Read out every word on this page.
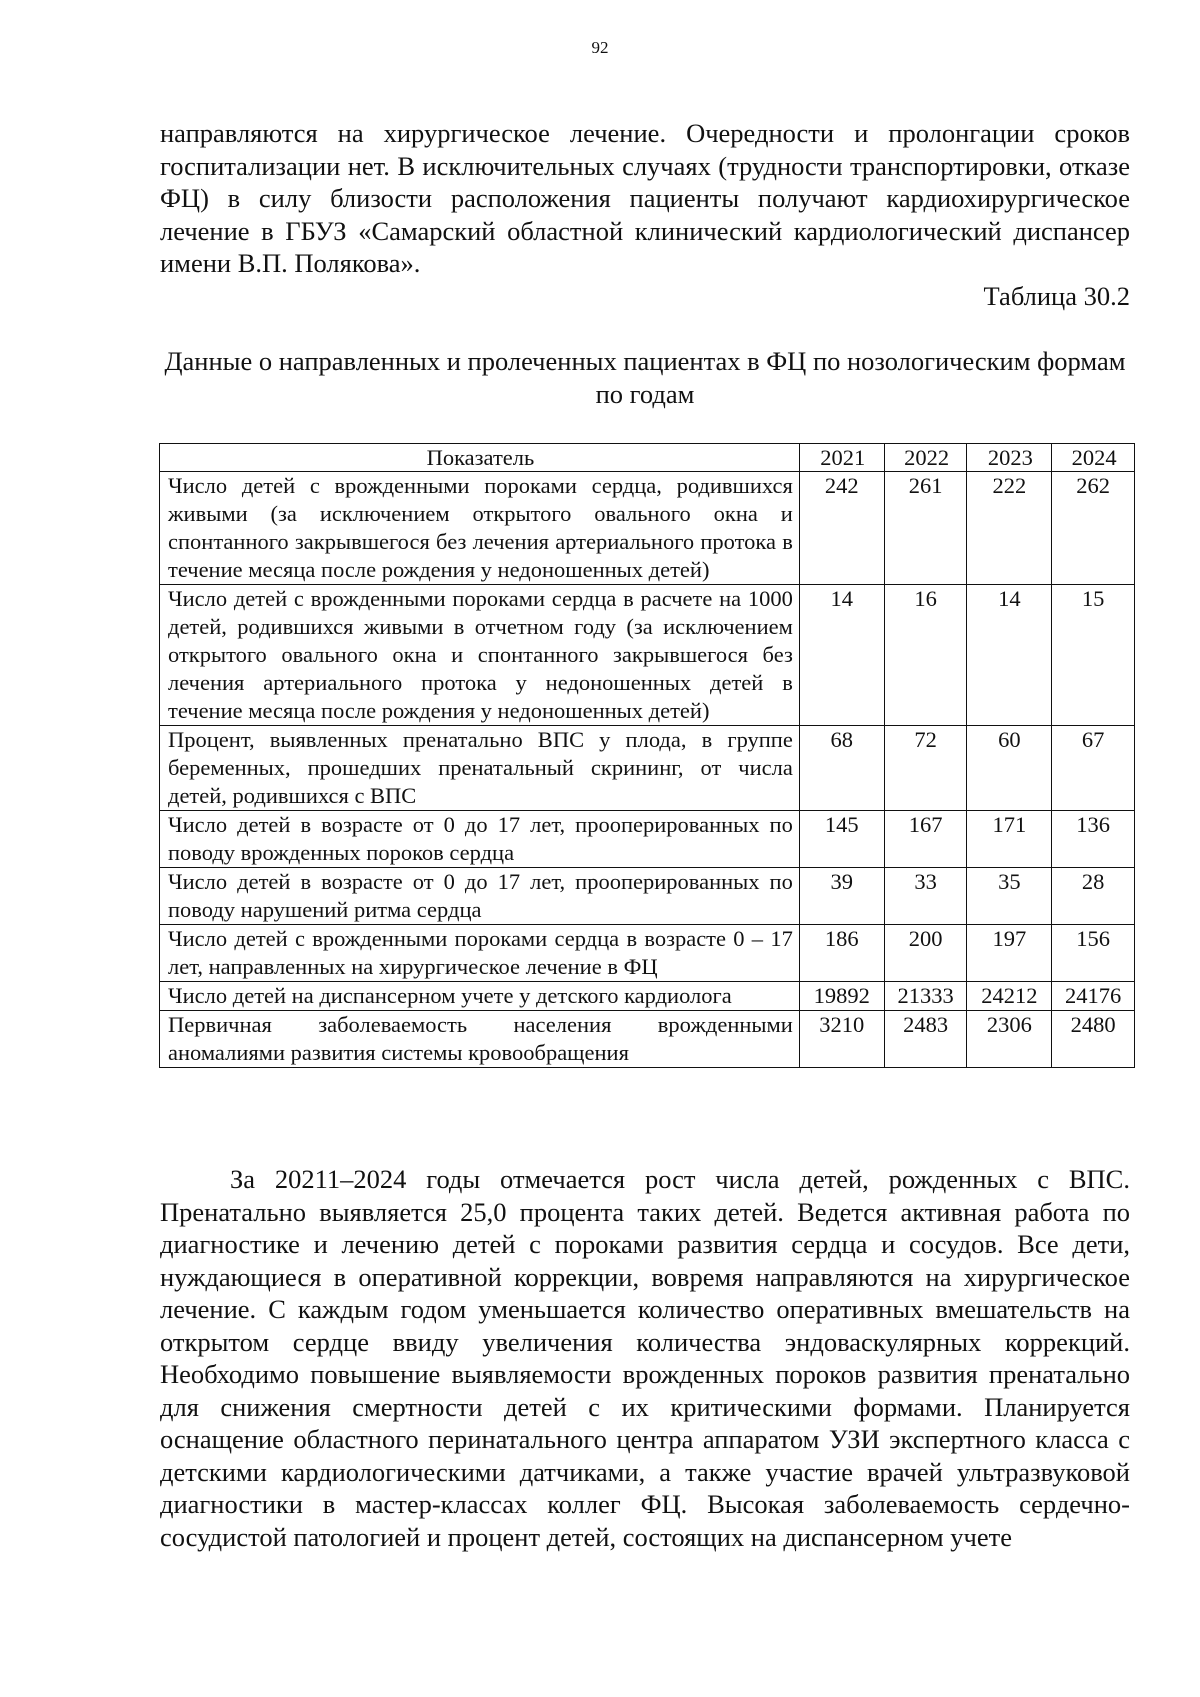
92

направляются на хирургическое лечение. Очередности и пролонгации сроков госпитализации нет. В исключительных случаях (трудности транспортировки, отказе ФЦ) в силу близости расположения пациенты получают кардиохирургическое лечение в ГБУЗ «Самарский областной клинический кардиологический диспансер имени В.П. Полякова».

Таблица 30.2

Данные о направленных и пролеченных пациентах в ФЦ по нозологическим формам по годам

Показатель	2021	2022	2023	2024
Число детей с врожденными пороками сердца, родившихся живыми (за исключением открытого овального окна и спонтанного закрывшегося без лечения артериального протока в течение месяца после рождения у недоношенных детей)	242	261	222	262
Число детей с врожденными пороками сердца в расчете на 1000 детей, родившихся живыми в отчетном году (за исключением открытого овального окна и спонтанного закрывшегося без лечения артериального протока у недоношенных детей в течение месяца после рождения у недоношенных детей)	14	16	14	15
Процент, выявленных пренатально ВПС у плода, в группе беременных, прошедших пренатальный скрининг, от числа детей, родившихся с ВПС	68	72	60	67
Число детей в возрасте от 0 до 17 лет, прооперированных по поводу врожденных пороков сердца	145	167	171	136
Число детей в возрасте от 0 до 17 лет, прооперированных по поводу нарушений ритма сердца	39	33	35	28
Число детей с врожденными пороками сердца в возрасте 0 – 17 лет, направленных на хирургическое лечение в ФЦ	186	200	197	156
Число детей на диспансерном учете у детского кардиолога	19892	21333	24212	24176
Первичная заболеваемость населения врожденными аномалиями развития системы кровообращения	3210	2483	2306	2480

За 20211–2024 годы отмечается рост числа детей, рожденных с ВПС. Пренатально выявляется 25,0 процента таких детей. Ведется активная работа по диагностике и лечению детей с пороками развития сердца и сосудов. Все дети, нуждающиеся в оперативной коррекции, вовремя направляются на хирургическое лечение. С каждым годом уменьшается количество оперативных вмешательств на открытом сердце ввиду увеличения количества эндоваскулярных коррекций. Необходимо повышение выявляемости врожденных пороков развития пренатально для снижения смертности детей с их критическими формами. Планируется оснащение областного перинатального центра аппаратом УЗИ экспертного класса с детскими кардиологическими датчиками, а также участие врачей ультразвуковой диагностики в мастер-классах коллег ФЦ. Высокая заболеваемость сердечно-сосудистой патологией и процент детей, состоящих на диспансерном учете
